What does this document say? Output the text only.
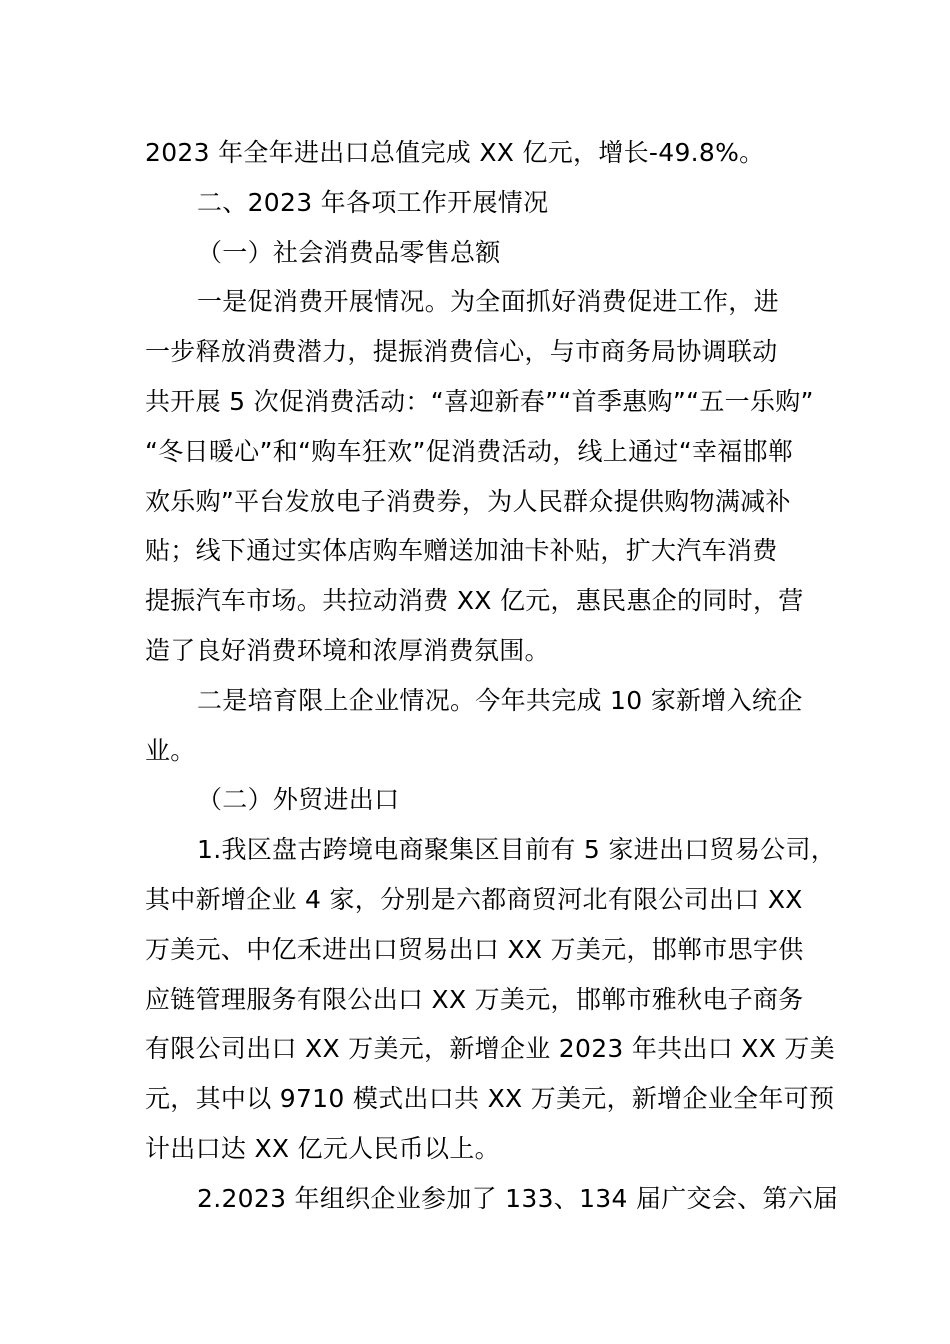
2023 年全年进出口总值完成 XX 亿元，增长-49.8%。
二、2023 年各项工作开展情况
（一）社会消费品零售总额
一是促消费开展情况。为全面抓好消费促进工作，进
一步释放消费潜力，提振消费信心，与市商务局协调联动
共开展 5 次促消费活动：“喜迎新春”“首季惠购”“五一乐购”
“冬日暖心”和“购车狂欢”促消费活动，线上通过“幸福邯郸
欢乐购”平台发放电子消费券，为人民群众提供购物满减补
贴；线下通过实体店购车赠送加油卡补贴，扩大汽车消费
提振汽车市场。共拉动消费 XX 亿元，惠民惠企的同时，营
造了良好消费环境和浓厚消费氛围。
二是培育限上企业情况。今年共完成 10 家新增入统企
业。
（二）外贸进出口
1.我区盘古跨境电商聚集区目前有 5 家进出口贸易公司，
其中新增企业 4 家，分别是六都商贸河北有限公司出口 XX
万美元、中亿禾进出口贸易出口 XX 万美元，邯郸市思宇供
应链管理服务有限公出口 XX 万美元，邯郸市雅秋电子商务
有限公司出口 XX 万美元，新增企业 2023 年共出口 XX 万美
元，其中以 9710 模式出口共 XX 万美元，新增企业全年可预
计出口达 XX 亿元人民币以上。
2.2023 年组织企业参加了 133、134 届广交会、第六届
